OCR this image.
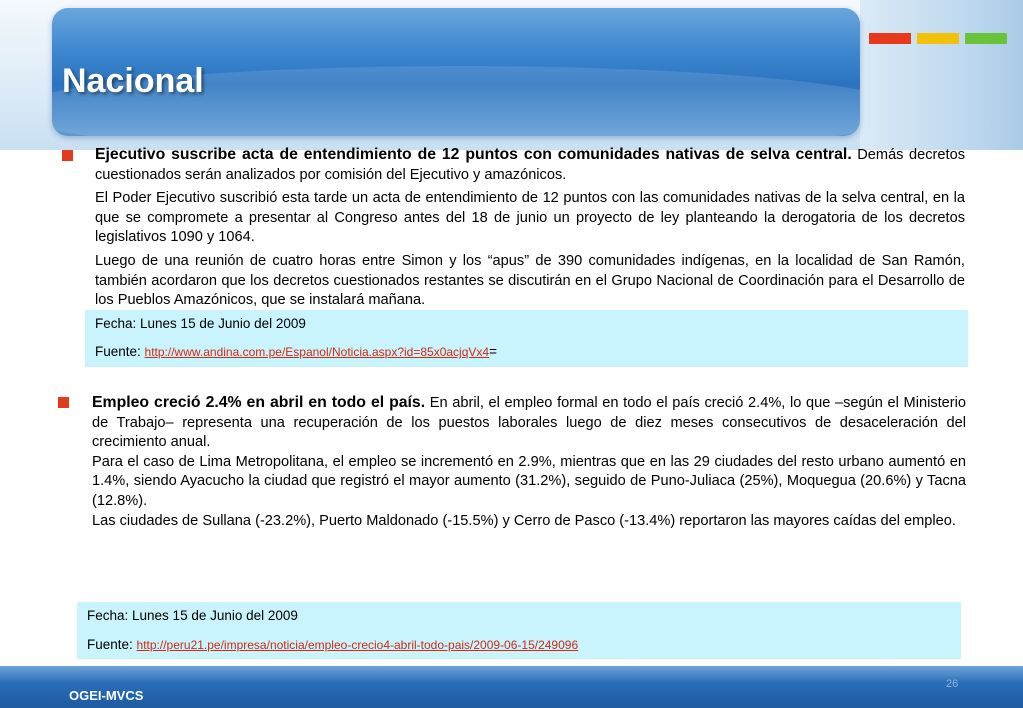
Nacional
Ejecutivo suscribe acta de entendimiento de 12 puntos con comunidades nativas de selva central. Demás decretos cuestionados serán analizados por comisión del Ejecutivo y amazónicos.
El Poder Ejecutivo suscribió esta tarde un acta de entendimiento de 12 puntos con las comunidades nativas de la selva central, en la que se compromete a presentar al Congreso antes del 18 de junio un proyecto de ley planteando la derogatoria de los decretos legislativos 1090 y 1064.
Luego de una reunión de cuatro horas entre Simon y los “apus” de 390 comunidades indígenas, en la localidad de San Ramón, también acordaron que los decretos cuestionados restantes se discutirán en el Grupo Nacional de Coordinación para el Desarrollo de los Pueblos Amazónicos, que se instalará mañana.
Fecha: Lunes 15 de Junio del 2009
Fuente: http://www.andina.com.pe/Espanol/Noticia.aspx?id=85x0acjqVx4=
Empleo creció 2.4% en abril en todo el país. En abril, el empleo formal en todo el país creció 2.4%, lo que –según el Ministerio de Trabajo– representa una recuperación de los puestos laborales luego de diez meses consecutivos de desaceleración del crecimiento anual.
Para el caso de Lima Metropolitana, el empleo se incrementó en 2.9%, mientras que en las 29 ciudades del resto urbano aumentó en 1.4%, siendo Ayacucho la ciudad que registró el mayor aumento (31.2%), seguido de Puno-Juliaca (25%), Moquegua (20.6%) y Tacna (12.8%).
Las ciudades de Sullana (-23.2%), Puerto Maldonado (-15.5%) y Cerro de Pasco (-13.4%) reportaron las mayores caídas del empleo.
Fecha: Lunes 15 de Junio del 2009
Fuente: http://peru21.pe/impresa/noticia/empleo-crecio4-abril-todo-pais/2009-06-15/249096
OGEI-MVCS
26
